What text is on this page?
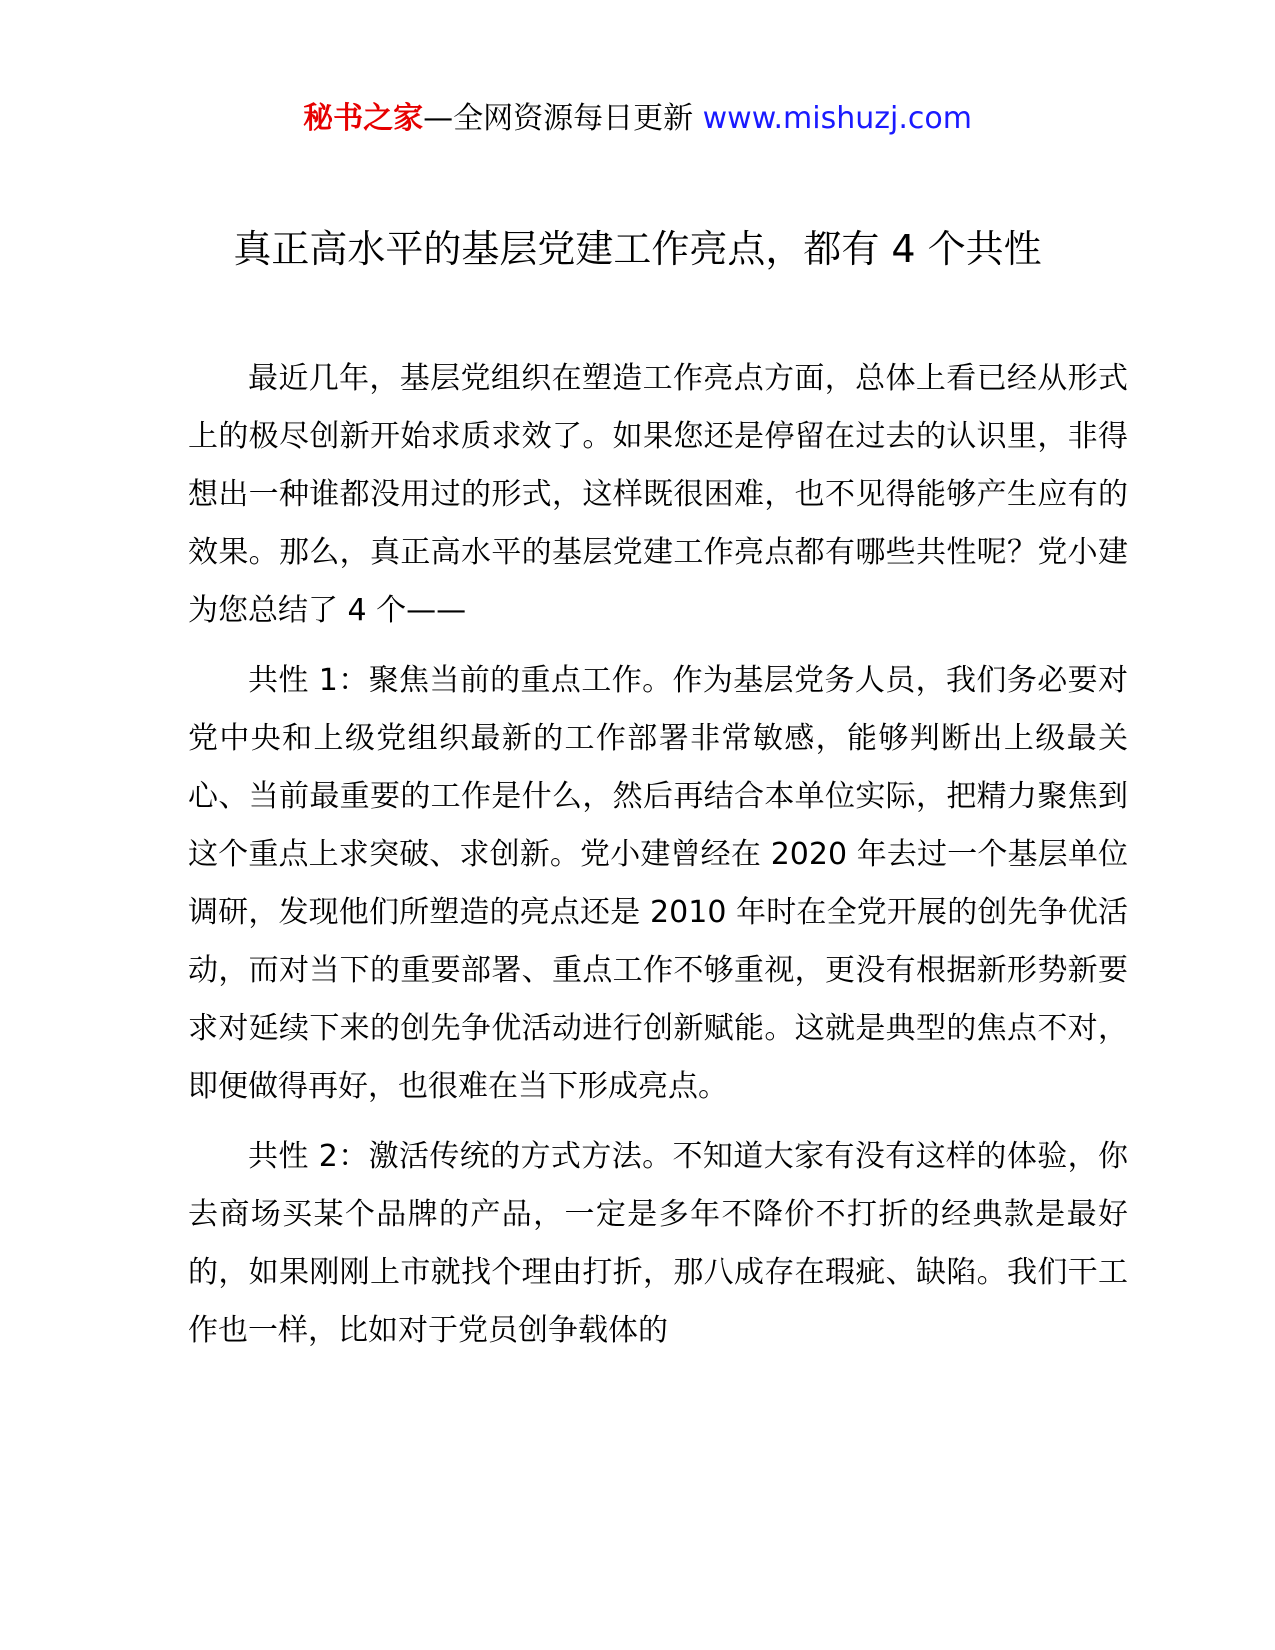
秘书之家—全网资源每日更新 www.mishuzj.com
真正高水平的基层党建工作亮点，都有 4 个共性

最近几年，基层党组织在塑造工作亮点方面，总体上看已经从形式上的极尽创新开始求质求效了。如果您还是停留在过去的认识里，非得想出一种谁都没用过的形式，这样既很困难，也不见得能够产生应有的效果。那么，真正高水平的基层党建工作亮点都有哪些共性呢？党小建为您总结了 4 个——

共性 1：聚焦当前的重点工作。作为基层党务人员，我们务必要对党中央和上级党组织最新的工作部署非常敏感，能够判断出上级最关心、当前最重要的工作是什么，然后再结合本单位实际，把精力聚焦到这个重点上求突破、求创新。党小建曾经在 2020 年去过一个基层单位调研，发现他们所塑造的亮点还是 2010 年时在全党开展的创先争优活动，而对当下的重要部署、重点工作不够重视，更没有根据新形势新要求对延续下来的创先争优活动进行创新赋能。这就是典型的焦点不对，即便做得再好，也很难在当下形成亮点。

共性 2：激活传统的方式方法。不知道大家有没有这样的体验，你去商场买某个品牌的产品，一定是多年不降价不打折的经典款是最好的，如果刚刚上市就找个理由打折，那八成存在瑕疵、缺陷。我们干工作也一样，比如对于党员创争载体的
